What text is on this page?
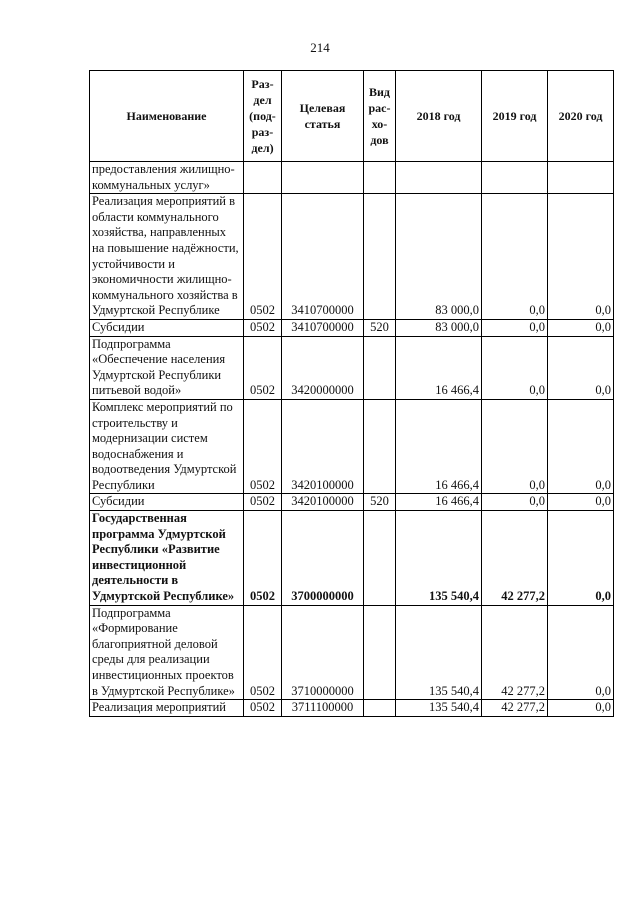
214
Наименование	Раз-
дел
(под-
раз-
дел)	Целевая
статья	Вид
рас-
хо-
дов	2018 год	2019 год	2020 год
предоставления жилищно-коммунальных услуг»						
Реализация мероприятий в области коммунального хозяйства, направленных на повышение надёжности, устойчивости и экономичности жилищно-коммунального хозяйства в Удмуртской Республике	0502	3410700000		83 000,0	0,0	0,0
Субсидии	0502	3410700000	520	83 000,0	0,0	0,0
Подпрограмма «Обеспечение населения Удмуртской Республики питьевой водой»	0502	3420000000		16 466,4	0,0	0,0
Комплекс мероприятий по строительству и модернизации систем водоснабжения и водоотведения Удмуртской Республики	0502	3420100000		16 466,4	0,0	0,0
Субсидии	0502	3420100000	520	16 466,4	0,0	0,0
Государственная программа Удмуртской Республики «Развитие инвестиционной деятельности в Удмуртской Республике»	0502	3700000000		135 540,4	42 277,2	0,0
Подпрограмма «Формирование благоприятной деловой среды для реализации инвестиционных проектов в Удмуртской Республике»	0502	3710000000		135 540,4	42 277,2	0,0
Реализация мероприятий	0502	3711100000		135 540,4	42 277,2	0,0
